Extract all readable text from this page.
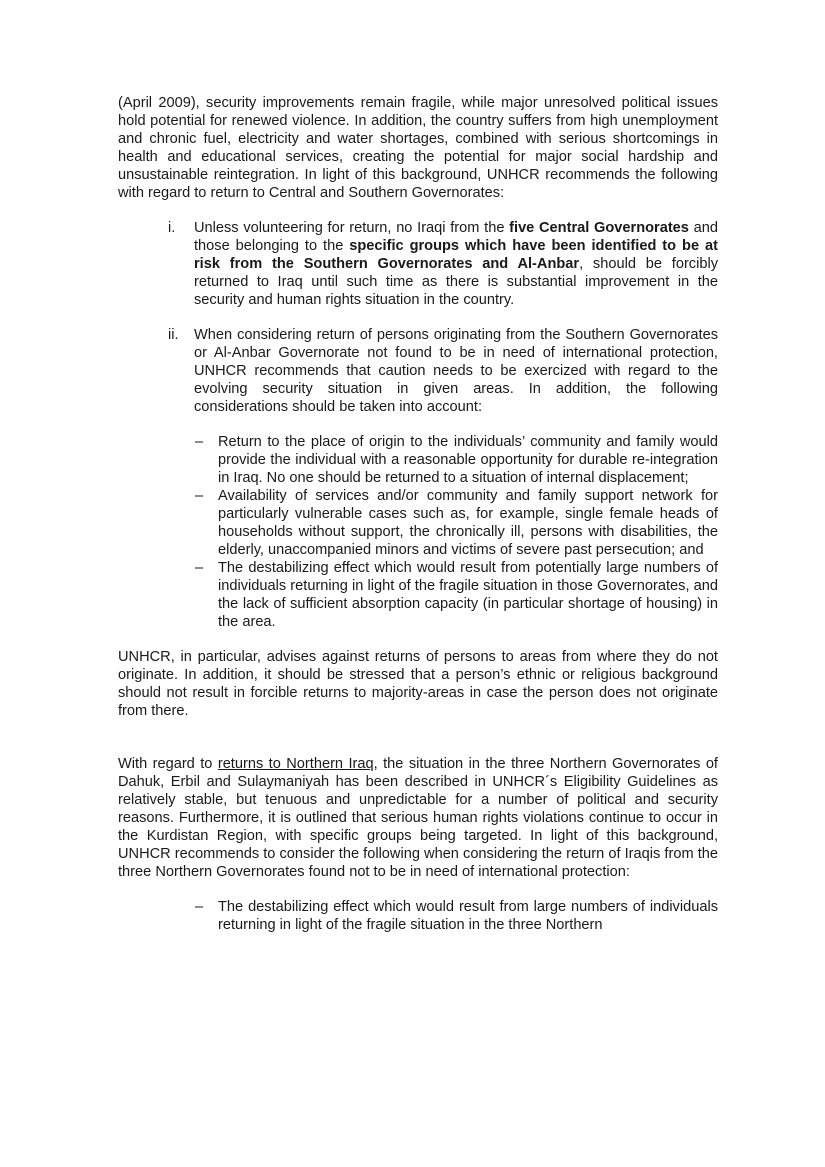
(April 2009), security improvements remain fragile, while major unresolved political issues hold potential for renewed violence. In addition, the country suffers from high unemployment and chronic fuel, electricity and water shortages, combined with serious shortcomings in health and educational services, creating the potential for major social hardship and unsustainable reintegration. In light of this background, UNHCR recommends the following with regard to return to Central and Southern Governorates:

i. Unless volunteering for return, no Iraqi from the five Central Governorates and those belonging to the specific groups which have been identified to be at risk from the Southern Governorates and Al-Anbar, should be forcibly returned to Iraq until such time as there is substantial improvement in the security and human rights situation in the country.
ii. When considering return of persons originating from the Southern Governorates or Al-Anbar Governorate not found to be in need of international protection, UNHCR recommends that caution needs to be exercized with regard to the evolving security situation in given areas. In addition, the following considerations should be taken into account:
– Return to the place of origin to the individuals’ community and family would provide the individual with a reasonable opportunity for durable re-integration in Iraq. No one should be returned to a situation of internal displacement;
– Availability of services and/or community and family support network for particularly vulnerable cases such as, for example, single female heads of households without support, the chronically ill, persons with disabilities, the elderly, unaccompanied minors and victims of severe past persecution; and
– The destabilizing effect which would result from potentially large numbers of individuals returning in light of the fragile situation in those Governorates, and the lack of sufficient absorption capacity (in particular shortage of housing) in the area.

UNHCR, in particular, advises against returns of persons to areas from where they do not originate. In addition, it should be stressed that a person’s ethnic or religious background should not result in forcible returns to majority-areas in case the person does not originate from there.

With regard to returns to Northern Iraq, the situation in the three Northern Governorates of Dahuk, Erbil and Sulaymaniyah has been described in UNHCR´s Eligibility Guidelines as relatively stable, but tenuous and unpredictable for a number of political and security reasons. Furthermore, it is outlined that serious human rights violations continue to occur in the Kurdistan Region, with specific groups being targeted. In light of this background, UNHCR recommends to consider the following when considering the return of Iraqis from the three Northern Governorates found not to be in need of international protection:

– The destabilizing effect which would result from large numbers of individuals returning in light of the fragile situation in the three Northern
